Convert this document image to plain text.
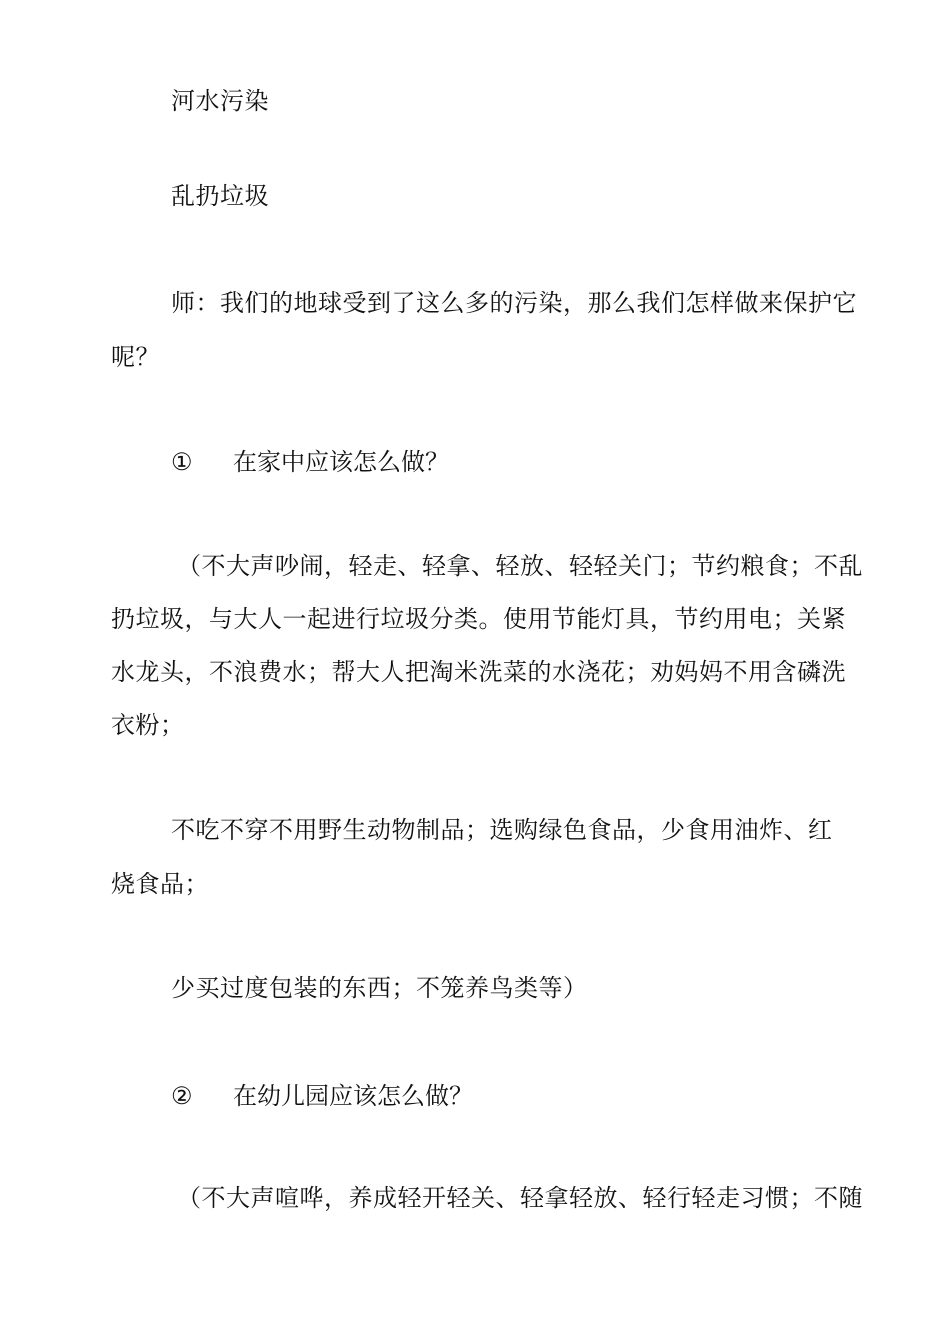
河水污染
乱扔垃圾
师：我们的地球受到了这么多的污染，那么我们怎样做来保护它
呢？
① 在家中应该怎么做？
（不大声吵闹，轻走、轻拿、轻放、轻轻关门；节约粮食；不乱
扔垃圾，与大人一起进行垃圾分类。使用节能灯具，节约用电；关紧
水龙头，不浪费水；帮大人把淘米洗菜的水浇花；劝妈妈不用含磷洗
衣粉；
不吃不穿不用野生动物制品；选购绿色食品，少食用油炸、红
烧食品；
少买过度包装的东西；不笼养鸟类等）
② 在幼儿园应该怎么做？
（不大声喧哗，养成轻开轻关、轻拿轻放、轻行轻走习惯；不随
